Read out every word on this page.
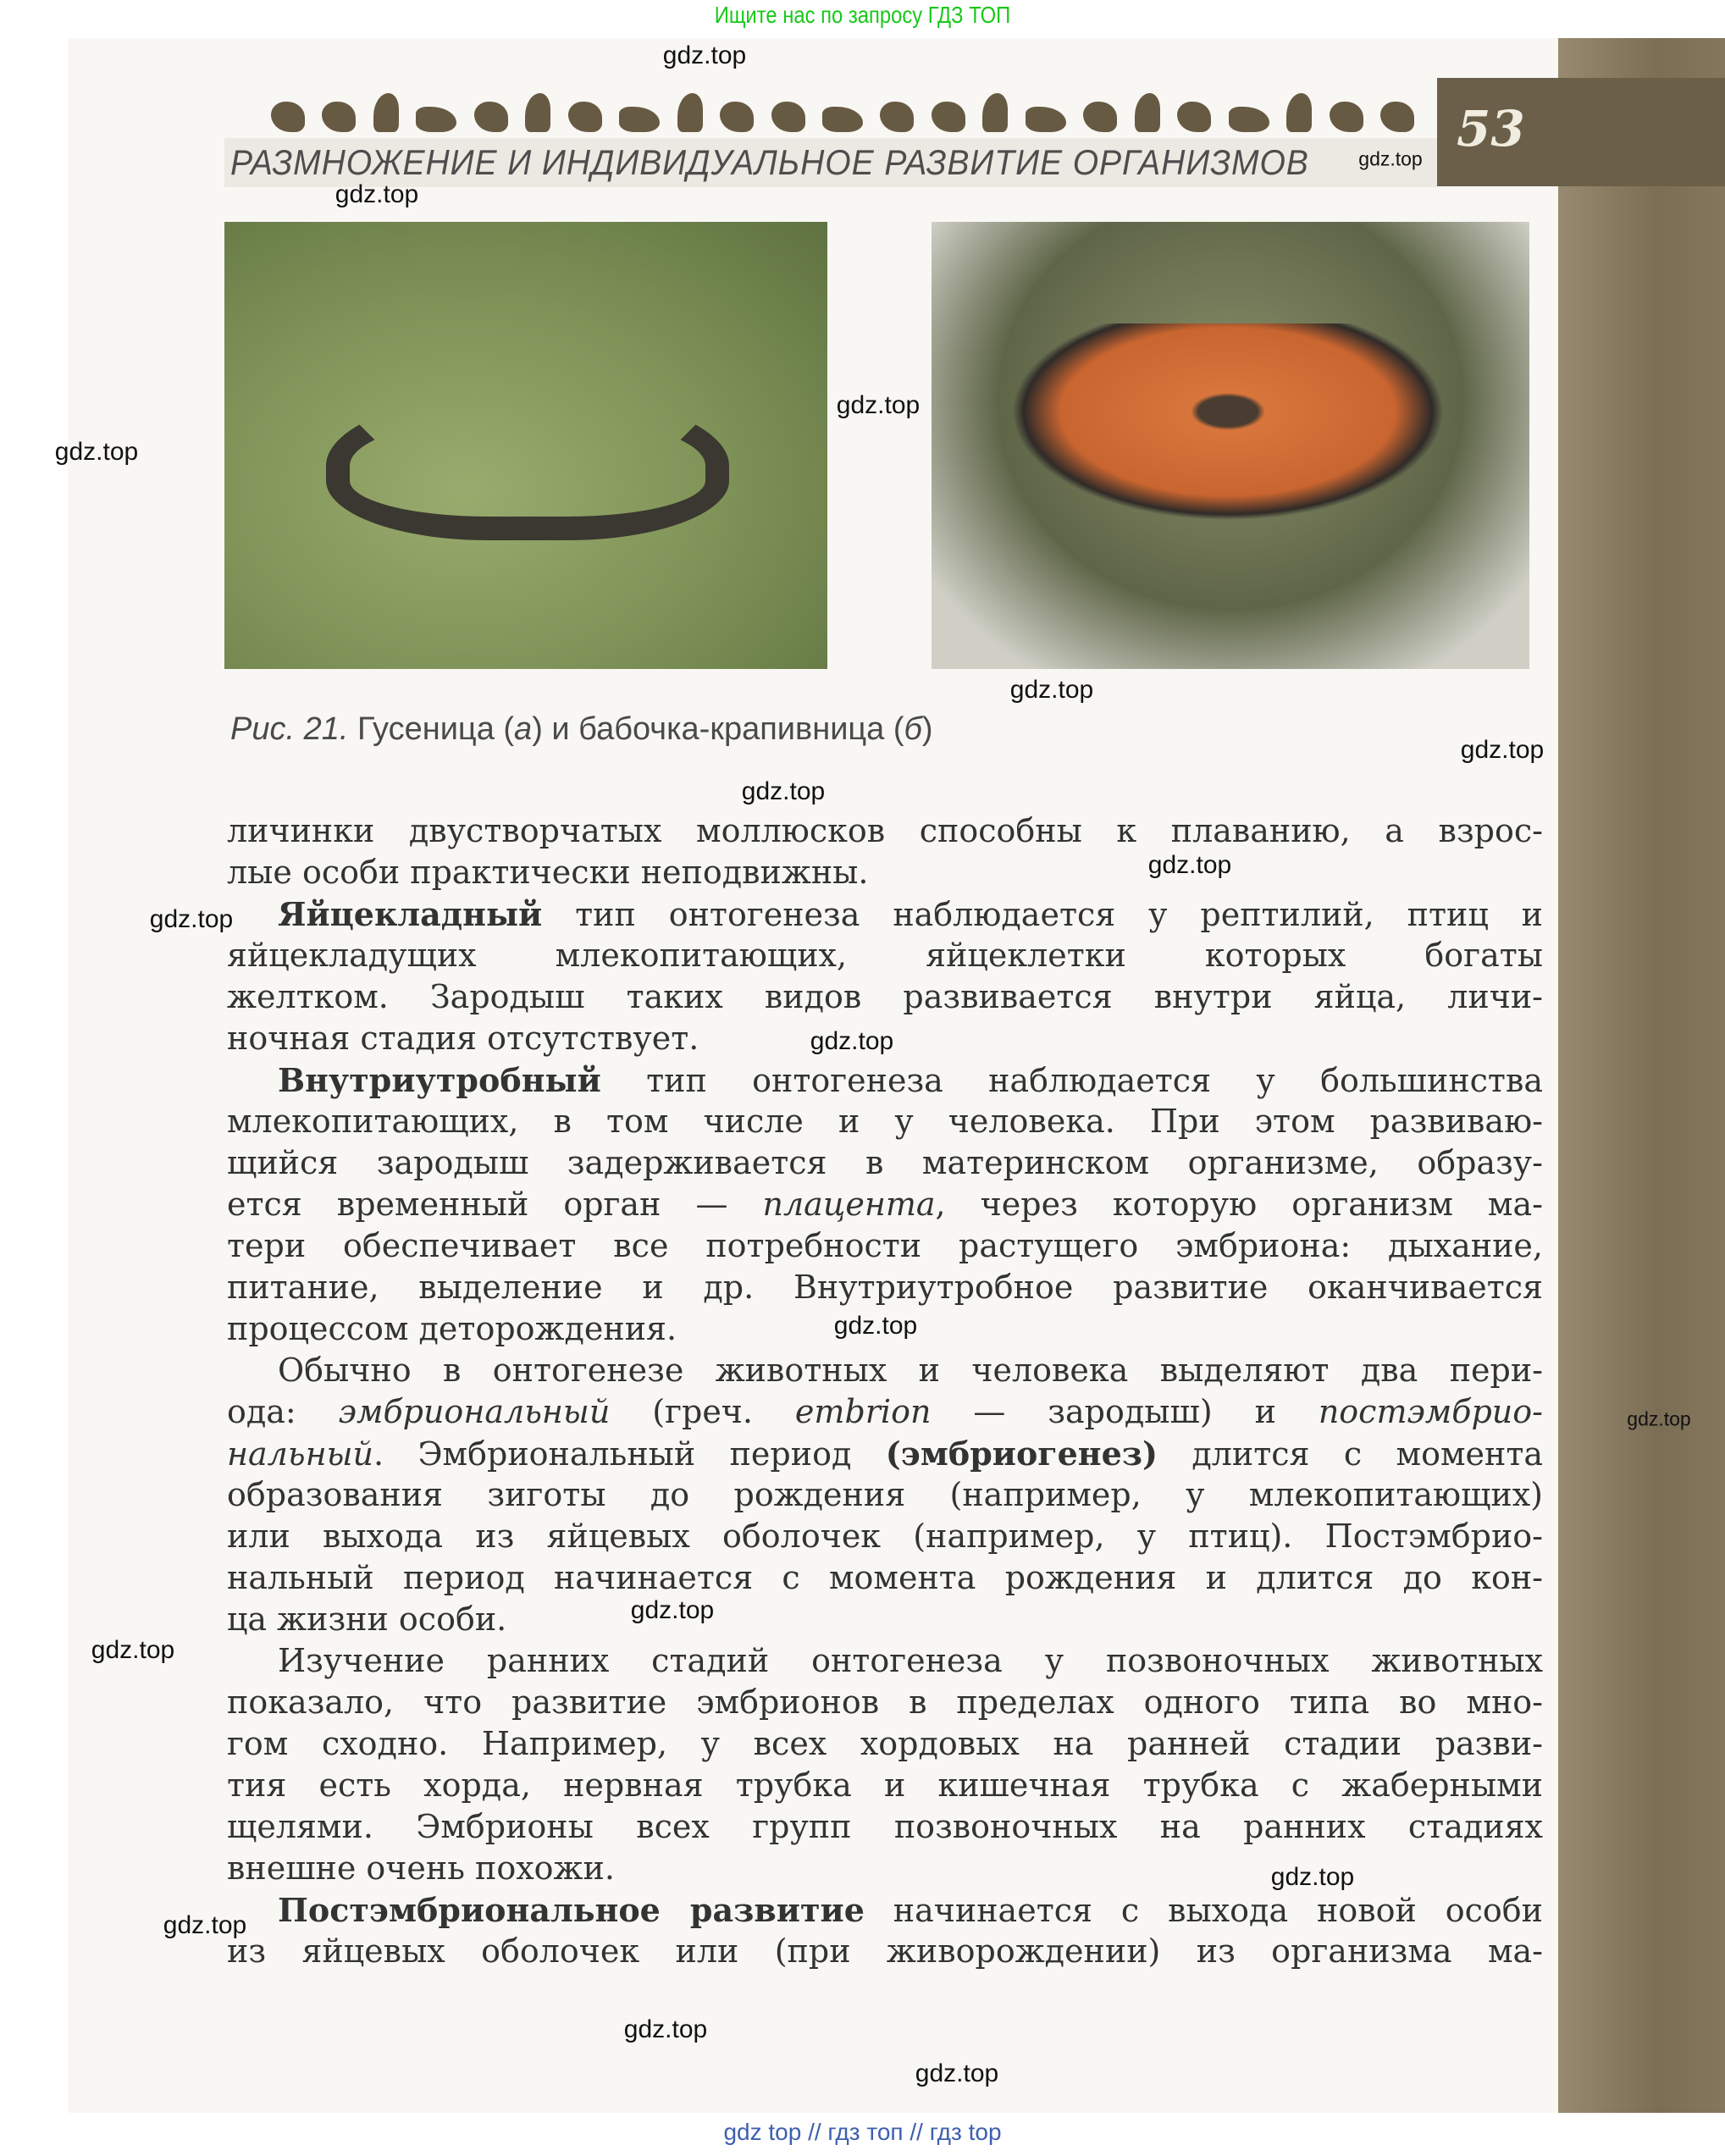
Ищите нас по запросу ГДЗ ТОП
53
РАЗМНОЖЕНИЕ И ИНДИВИДУАЛЬНОЕ РАЗВИТИЕ ОРГАНИЗМОВ
Рис. 21. Гусеница (а) и бабочка-крапивница (б)
личинки двустворчатых моллюсков способны к плаванию, а взрос-
лые особи практически неподвижны.
Яйцекладный тип онтогенеза наблюдается у рептилий, птиц и
яйцекладущих млекопитающих, яйцеклетки которых богаты
желтком. Зародыш таких видов развивается внутри яйца, личи-
ночная стадия отсутствует.
Внутриутробный тип онтогенеза наблюдается у большинства
млекопитающих, в том числе и у человека. При этом развиваю-
щийся зародыш задерживается в материнском организме, образу-
ется временный орган — плацента, через которую организм ма-
тери обеспечивает все потребности растущего эмбриона: дыхание,
питание, выделение и др. Внутриутробное развитие оканчивается
процессом деторождения.
Обычно в онтогенезе животных и человека выделяют два пери-
ода: эмбриональный (греч. embrion — зародыш) и постэмбрио-
нальный. Эмбриональный период (эмбриогенез) длится с момента
образования зиготы до рождения (например, у млекопитающих)
или выхода из яйцевых оболочек (например, у птиц). Постэмбрио-
нальный период начинается с момента рождения и длится до кон-
ца жизни особи.
Изучение ранних стадий онтогенеза у позвоночных животных
показало, что развитие эмбрионов в пределах одного типа во мно-
гом сходно. Например, у всех хордовых на ранней стадии разви-
тия есть хорда, нервная трубка и кишечная трубка с жаберными
щелями. Эмбрионы всех групп позвоночных на ранних стадиях
внешне очень похожи.
Постэмбриональное развитие начинается с выхода новой особи
из яйцевых оболочек или (при живорождении) из организма ма-
gdz.top
gdz.top
gdz.top
gdz.top
gdz.top
gdz.top
gdz.top
gdz.top
gdz.top
gdz.top
gdz.top
gdz.top
gdz.top
gdz.top
gdz.top
gdz.top
gdz.top
gdz.top
gdz.top
gdz top // гдз топ // гдз top
